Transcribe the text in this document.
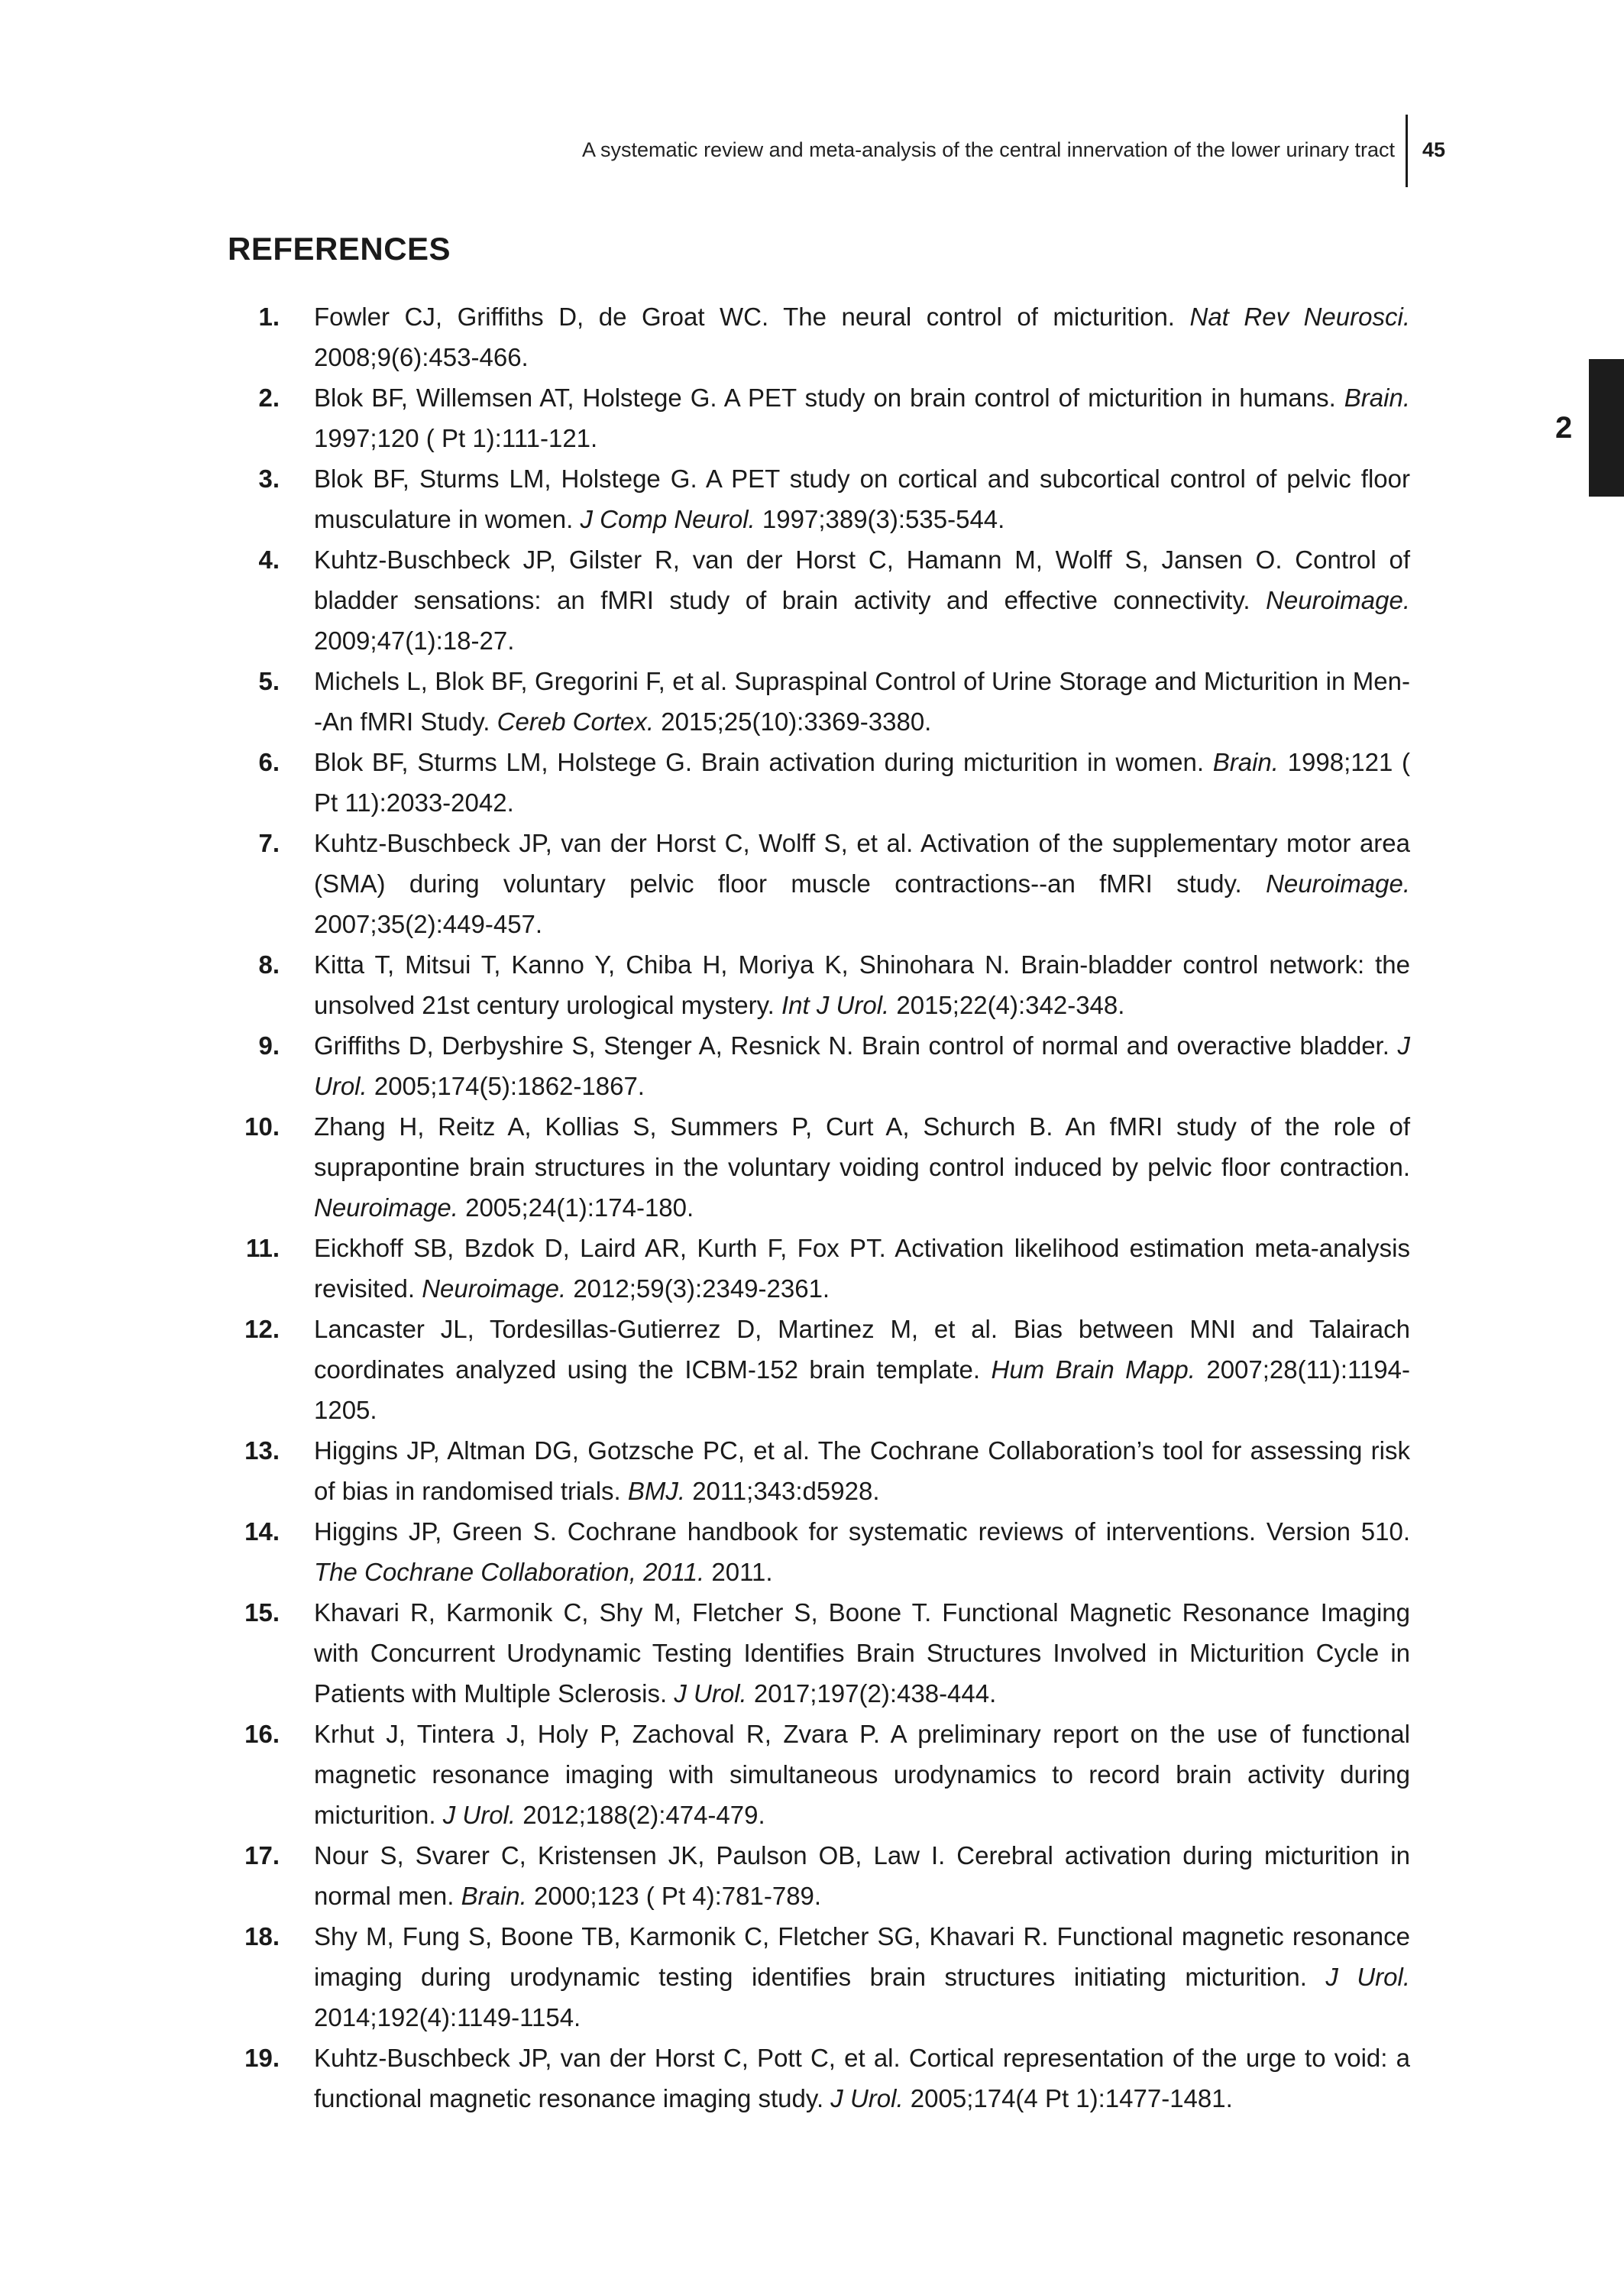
A systematic review and meta-analysis of the central innervation of the lower urinary tract 45
2
REFERENCES
1. Fowler CJ, Griffiths D, de Groat WC. The neural control of micturition. Nat Rev Neurosci. 2008;9(6):453-466.
2. Blok BF, Willemsen AT, Holstege G. A PET study on brain control of micturition in humans. Brain. 1997;120 ( Pt 1):111-121.
3. Blok BF, Sturms LM, Holstege G. A PET study on cortical and subcortical control of pelvic floor musculature in women. J Comp Neurol. 1997;389(3):535-544.
4. Kuhtz-Buschbeck JP, Gilster R, van der Horst C, Hamann M, Wolff S, Jansen O. Control of bladder sensations: an fMRI study of brain activity and effective connectivity. Neuroimage. 2009;47(1):18-27.
5. Michels L, Blok BF, Gregorini F, et al. Supraspinal Control of Urine Storage and Micturition in Men--An fMRI Study. Cereb Cortex. 2015;25(10):3369-3380.
6. Blok BF, Sturms LM, Holstege G. Brain activation during micturition in women. Brain. 1998;121 ( Pt 11):2033-2042.
7. Kuhtz-Buschbeck JP, van der Horst C, Wolff S, et al. Activation of the supplementary motor area (SMA) during voluntary pelvic floor muscle contractions--an fMRI study. Neuroimage. 2007;35(2):449-457.
8. Kitta T, Mitsui T, Kanno Y, Chiba H, Moriya K, Shinohara N. Brain-bladder control network: the unsolved 21st century urological mystery. Int J Urol. 2015;22(4):342-348.
9. Griffiths D, Derbyshire S, Stenger A, Resnick N. Brain control of normal and overactive bladder. J Urol. 2005;174(5):1862-1867.
10. Zhang H, Reitz A, Kollias S, Summers P, Curt A, Schurch B. An fMRI study of the role of suprapontine brain structures in the voluntary voiding control induced by pelvic floor contraction. Neuroimage. 2005;24(1):174-180.
11. Eickhoff SB, Bzdok D, Laird AR, Kurth F, Fox PT. Activation likelihood estimation meta-analysis revisited. Neuroimage. 2012;59(3):2349-2361.
12. Lancaster JL, Tordesillas-Gutierrez D, Martinez M, et al. Bias between MNI and Talairach coordinates analyzed using the ICBM-152 brain template. Hum Brain Mapp. 2007;28(11):1194-1205.
13. Higgins JP, Altman DG, Gotzsche PC, et al. The Cochrane Collaboration’s tool for assessing risk of bias in randomised trials. BMJ. 2011;343:d5928.
14. Higgins JP, Green S. Cochrane handbook for systematic reviews of interventions. Version 510. The Cochrane Collaboration, 2011. 2011.
15. Khavari R, Karmonik C, Shy M, Fletcher S, Boone T. Functional Magnetic Resonance Imaging with Concurrent Urodynamic Testing Identifies Brain Structures Involved in Micturition Cycle in Patients with Multiple Sclerosis. J Urol. 2017;197(2):438-444.
16. Krhut J, Tintera J, Holy P, Zachoval R, Zvara P. A preliminary report on the use of functional magnetic resonance imaging with simultaneous urodynamics to record brain activity during micturition. J Urol. 2012;188(2):474-479.
17. Nour S, Svarer C, Kristensen JK, Paulson OB, Law I. Cerebral activation during micturition in normal men. Brain. 2000;123 ( Pt 4):781-789.
18. Shy M, Fung S, Boone TB, Karmonik C, Fletcher SG, Khavari R. Functional magnetic resonance imaging during urodynamic testing identifies brain structures initiating micturition. J Urol. 2014;192(4):1149-1154.
19. Kuhtz-Buschbeck JP, van der Horst C, Pott C, et al. Cortical representation of the urge to void: a functional magnetic resonance imaging study. J Urol. 2005;174(4 Pt 1):1477-1481.
